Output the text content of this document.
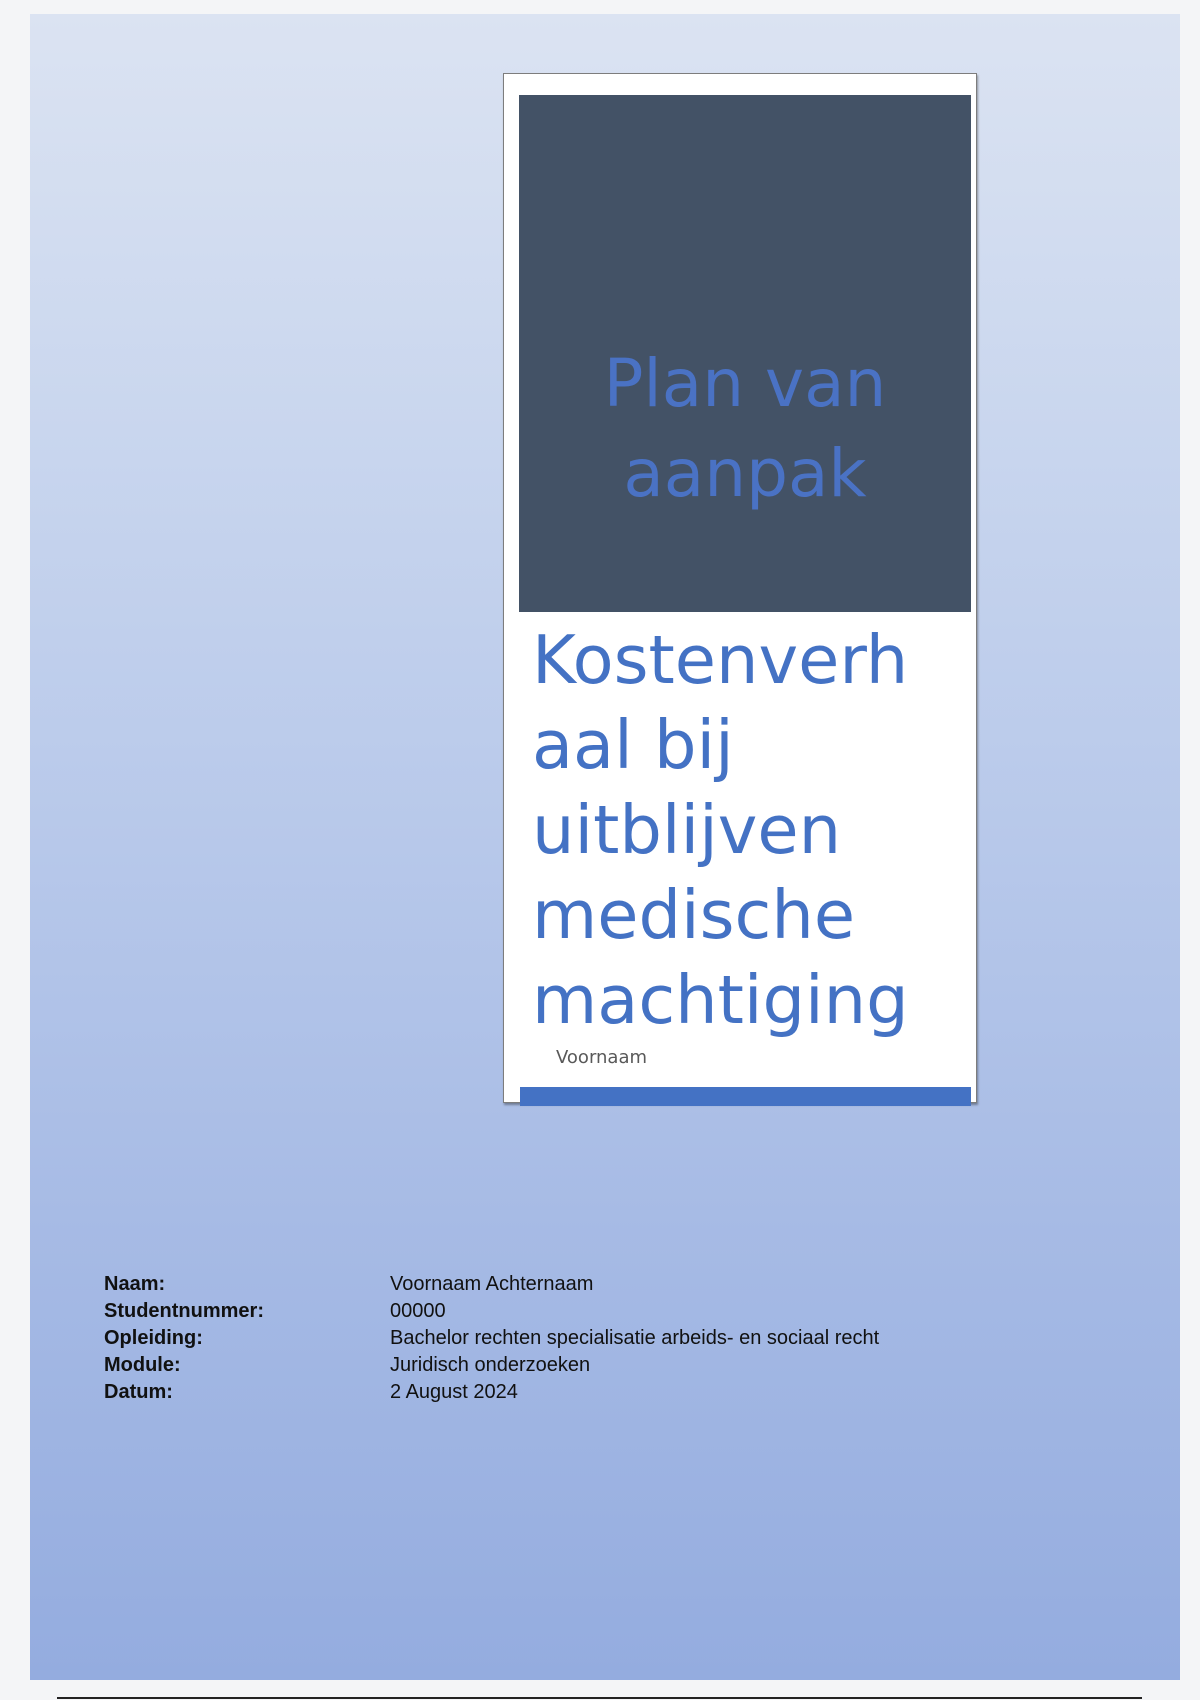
Plan van aanpak
Kostenverh
aal bij
uitblijven
medische
machtiging
Voornaam
Naam:	Voornaam Achternaam
Studentnummer:	00000
Opleiding:	Bachelor rechten specialisatie arbeids- en sociaal recht
Module:	Juridisch onderzoeken
Datum:	2 August 2024
